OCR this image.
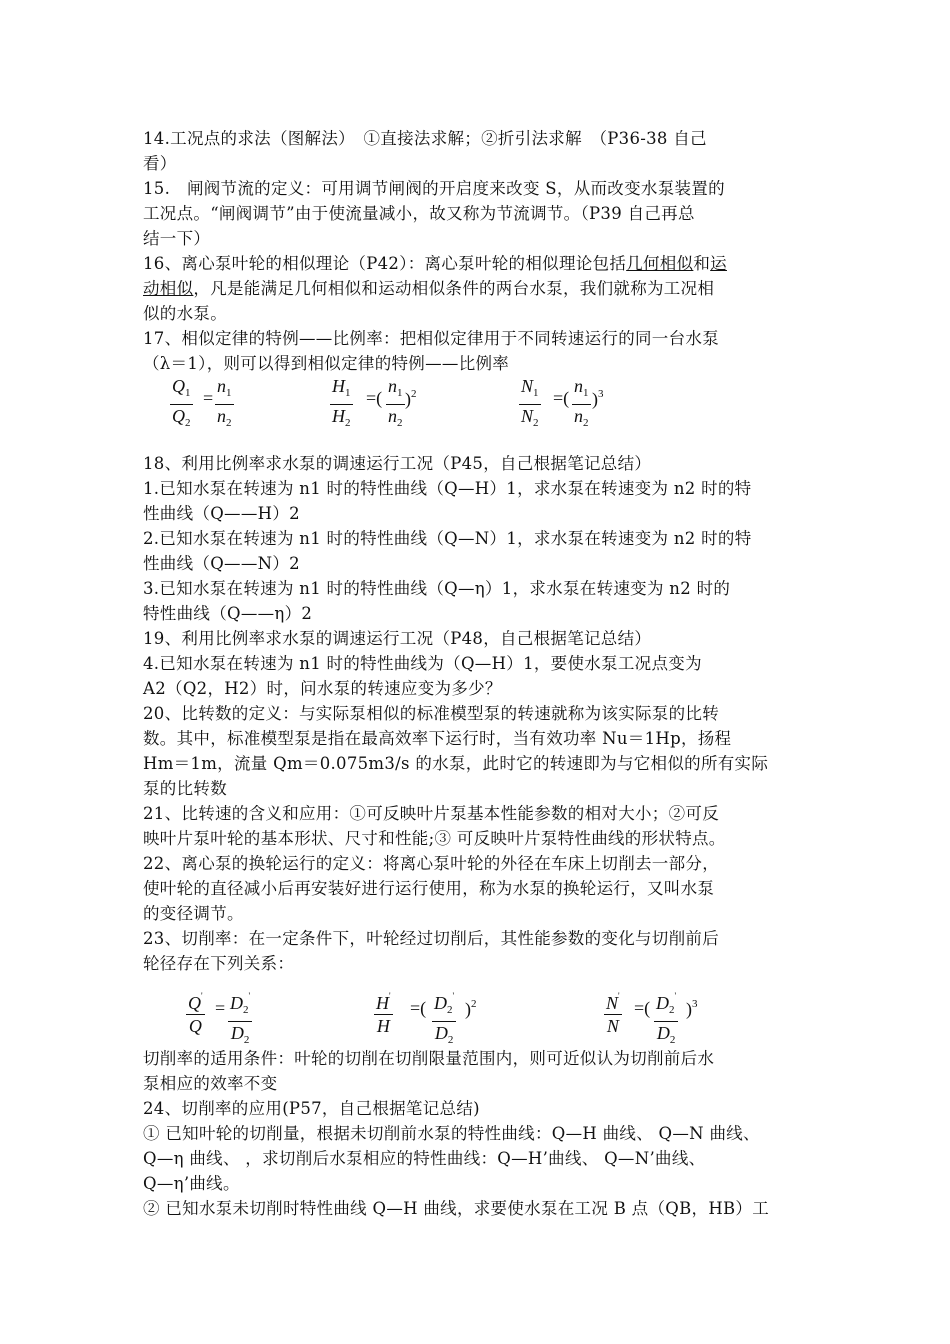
14.工况点的求法（图解法）　①直接法求解；②折引法求解　（P36-38 自己
看）
15.　闸阀节流的定义：可用调节闸阀的开启度来改变 S，从而改变水泵装置的
工况点。“闸阀调节”由于使流量减小，故又称为节流调节。（P39 自己再总
结一下）
16、离心泵叶轮的相似理论（P42）：离心泵叶轮的相似理论包括几何相似和运
动相似，凡是能满足几何相似和运动相似条件的两台水泵，我们就称为工况相
似的水泵。
17、相似定律的特例——比例率：把相似定律用于不同转速运行的同一台水泵
（λ＝1），则可以得到相似定律的特例——比例率
$Q_1$
$Q_2$
=
$n_1$
$n_2$
$H_1$
$H_2$
=(
$n_1$
$n_2$
)$^2$	$N_1$
$N_2$
=(
$n_1$
$n_2$
)$^3$
18、利用比例率求水泵的调速运行工况（P45，自己根据笔记总结）
1.已知水泵在转速为 n1 时的特性曲线（Q—H）1，求水泵在转速变为 n2 时的特
性曲线（Q——H）2
2.已知水泵在转速为 n1 时的特性曲线（Q—N）1，求水泵在转速变为 n2 时的特
性曲线（Q——N）2
3.已知水泵在转速为 n1 时的特性曲线（Q—η）1，求水泵在转速变为 n2 时的
特性曲线（Q——η）2
19、利用比例率求水泵的调速运行工况（P48，自己根据笔记总结）
4.已知水泵在转速为 n1 时的特性曲线为（Q—H）1，要使水泵工况点变为
A2（Q2，H2）时，问水泵的转速应变为多少？
20、比转数的定义：与实际泵相似的标准模型泵的转速就称为该实际泵的比转
数。其中，标准模型泵是指在最高效率下运行时，当有效功率 Nu＝1Hp，扬程
Hm＝1m，流量 Qm＝0.075m3/s 的水泵，此时它的转速即为与它相似的所有实际
泵的比转数
21、比转速的含义和应用：①可反映叶片泵基本性能参数的相对大小；②可反
映叶片泵叶轮的基本形状、尺寸和性能;③ 可反映叶片泵特性曲线的形状特点。
22、离心泵的换轮运行的定义：将离心泵叶轮的外径在车床上切削去一部分，
使叶轮的直径减小后再安装好进行运行使用，称为水泵的换轮运行，又叫水泵
的变径调节。
23、切削率：在一定条件下，叶轮经过切削后，其性能参数的变化与切削前后
轮径存在下列关系：
Q'
Q
= $D_2'$
$D_2$
H'
H
=( $D_2'$
$D_2$
)$^2$	N'
N
=( $D_2'$
$D_2$
)$^3$
切削率的适用条件：叶轮的切削在切削限量范围内，则可近似认为切削前后水
泵相应的效率不变
24、切削率的应用(P57，自己根据笔记总结)
① 已知叶轮的切削量，根据未切削前水泵的特性曲线：Q—H 曲线、 Q—N 曲线、
Q—η 曲线、 ，求切削后水泵相应的特性曲线：Q—H’曲线、 Q—N’曲线、
Q—η’曲线。
② 已知水泵未切削时特性曲线 Q—H 曲线，求要使水泵在工况 B 点（QB，HB）工
